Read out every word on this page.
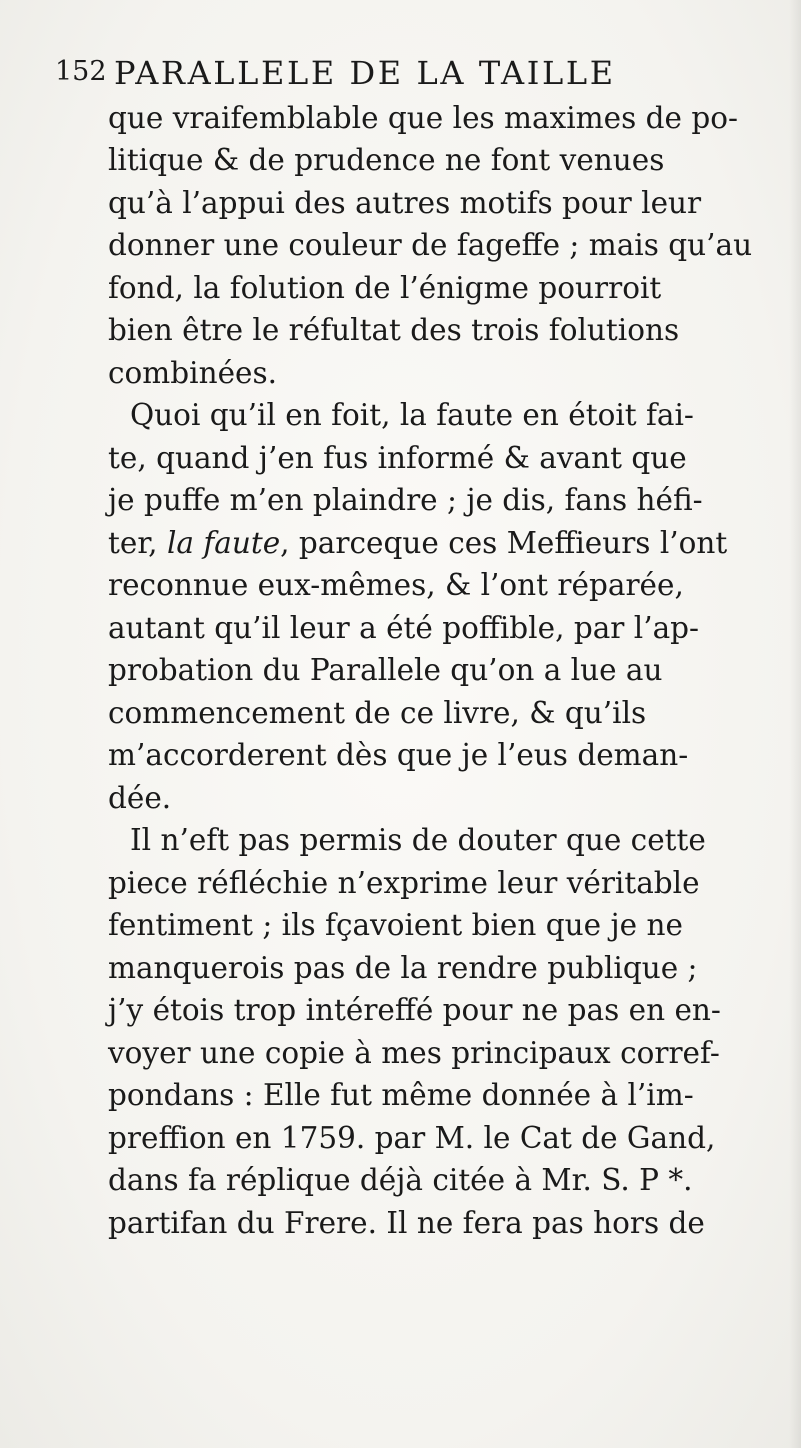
152 PARALLELE DE LA TAILLE
que vraifemblable que les maximes de po-
litique & de prudence ne font venues
qu’à l’appui des autres motifs pour leur
donner une couleur de fageffe ; mais qu’au
fond, la folution de l’énigme pourroit
bien être le réfultat des trois folutions
combinées.
Quoi qu’il en foit, la faute en étoit fai-
te, quand j’en fus informé & avant que
je puffe m’en plaindre ; je dis, fans héfi-
ter, la faute, parceque ces Meffieurs l’ont
reconnue eux-mêmes, & l’ont réparée,
autant qu’il leur a été poffible, par l’ap-
probation du Parallele qu’on a lue au
commencement de ce livre, & qu’ils
m’accorderent dès que je l’eus deman-
dée.
Il n’eft pas permis de douter que cette
piece réfléchie n’exprime leur véritable
fentiment ; ils fçavoient bien que je ne
manquerois pas de la rendre publique ;
j’y étois trop intéreffé pour ne pas en en-
voyer une copie à mes principaux corref-
pondans : Elle fut même donnée à l’im-
preffion en 1759. par M. le Cat de Gand,
dans fa réplique déjà citée à Mr. S. P *.
partifan du Frere. Il ne fera pas hors de
